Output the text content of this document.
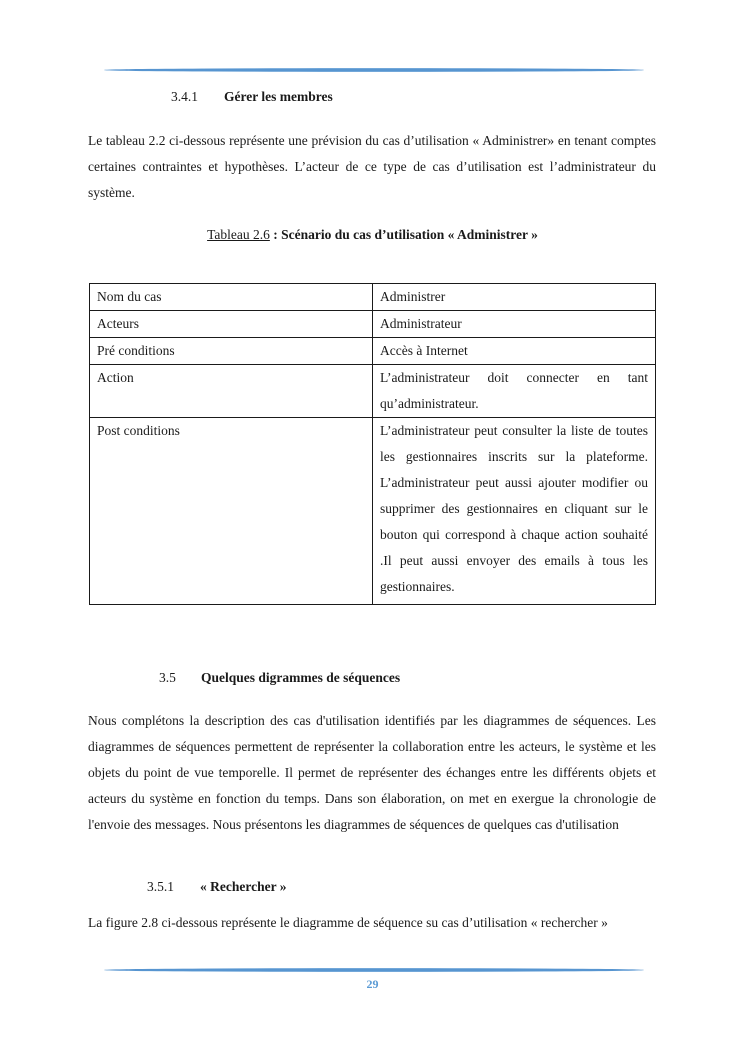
3.4.1 Gérer les membres
Le tableau 2.2 ci-dessous représente une prévision du cas d’utilisation « Administrer» en tenant comptes certaines contraintes et hypothèses. L’acteur de ce type de cas d’utilisation est l’administrateur du système.
Tableau 2.6 : Scénario du cas d’utilisation « Administrer »
Nom du cas	Administrer
Acteurs	Administrateur
Pré conditions	Accès à Internet
Action	L’administrateur doit connecter en tant qu’administrateur.
Post conditions	L’administrateur peut consulter la liste de toutes les gestionnaires inscrits sur la plateforme. L’administrateur peut aussi ajouter modifier ou supprimer des gestionnaires en cliquant sur le bouton qui correspond à chaque action souhaité .Il peut aussi envoyer des emails à tous les gestionnaires.
3.5 Quelques digrammes de séquences
Nous complétons la description des cas d'utilisation identifiés par les diagrammes de séquences. Les diagrammes de séquences permettent de représenter la collaboration entre les acteurs, le système et les objets du point de vue temporelle. Il permet de représenter des échanges entre les différents objets et acteurs du système en fonction du temps. Dans son élaboration, on met en exergue la chronologie de l'envoie des messages. Nous présentons les diagrammes de séquences de quelques cas d'utilisation
3.5.1 « Rechercher »
La figure 2.8 ci-dessous représente le diagramme de séquence su cas d’utilisation « rechercher »
29
